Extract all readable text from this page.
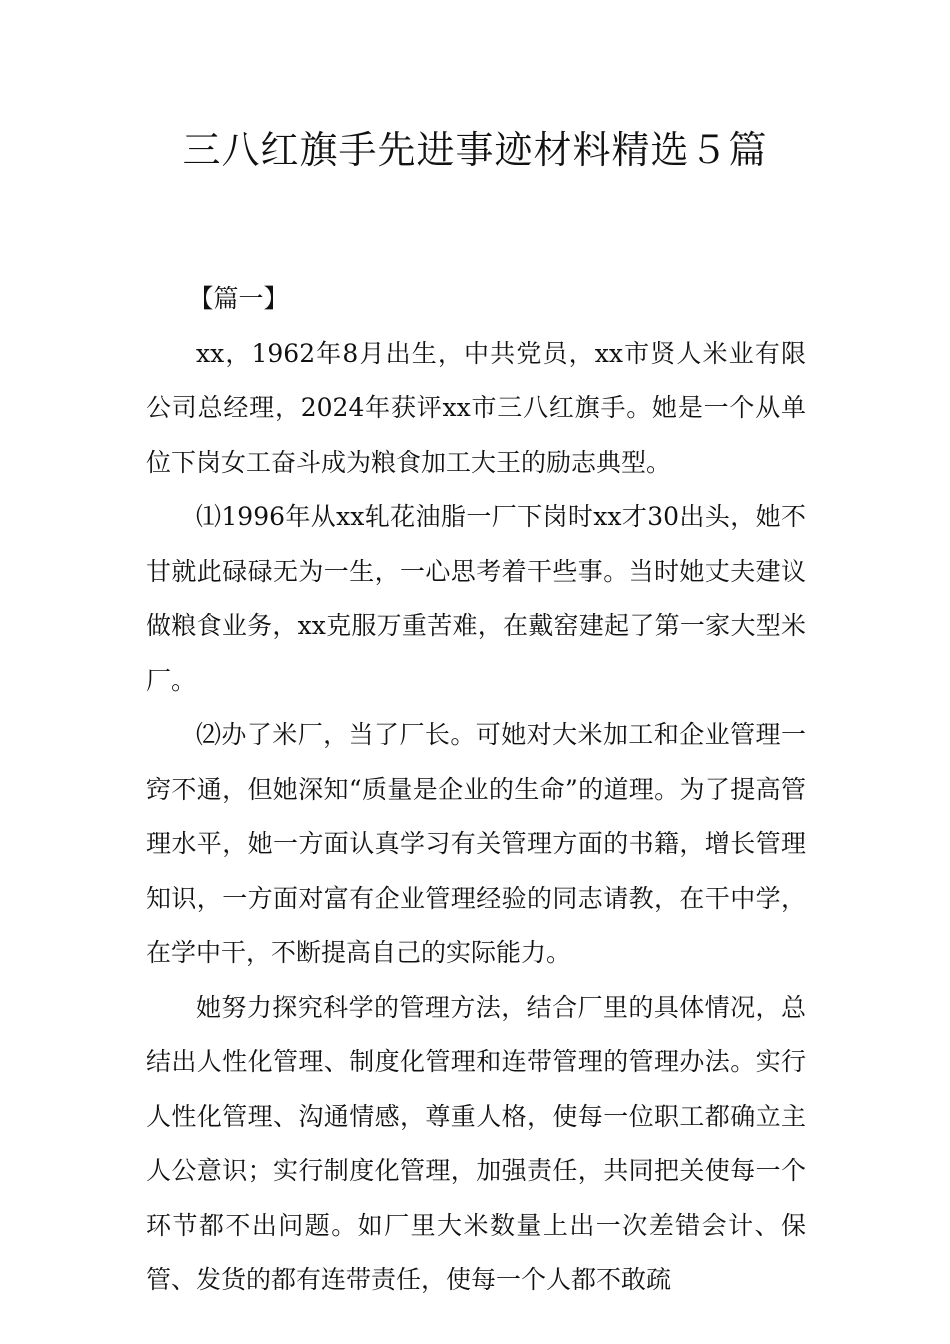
三八红旗手先进事迹材料精选５篇

【篇一】

xx，1962年8月出生，中共党员，xx市贤人米业有限公司总经理，2024年获评xx市三八红旗手。她是一个从单位下岗女工奋斗成为粮食加工大王的励志典型。

⑴1996年从xx轧花油脂一厂下岗时xx才30出头，她不甘就此碌碌无为一生，一心思考着干些事。当时她丈夫建议做粮食业务，xx克服万重苦难，在戴窑建起了第一家大型米厂。

⑵办了米厂，当了厂长。可她对大米加工和企业管理一窍不通，但她深知“质量是企业的生命”的道理。为了提高管理水平，她一方面认真学习有关管理方面的书籍，增长管理知识，一方面对富有企业管理经验的同志请教，在干中学，在学中干，不断提高自己的实际能力。

她努力探究科学的管理方法，结合厂里的具体情况，总结出人性化管理、制度化管理和连带管理的管理办法。实行人性化管理、沟通情感，尊重人格，使每一位职工都确立主人公意识；实行制度化管理，加强责任，共同把关使每一个环节都不出问题。如厂里大米数量上出一次差错会计、保管、发货的都有连带责任，使每一个人都不敢疏
